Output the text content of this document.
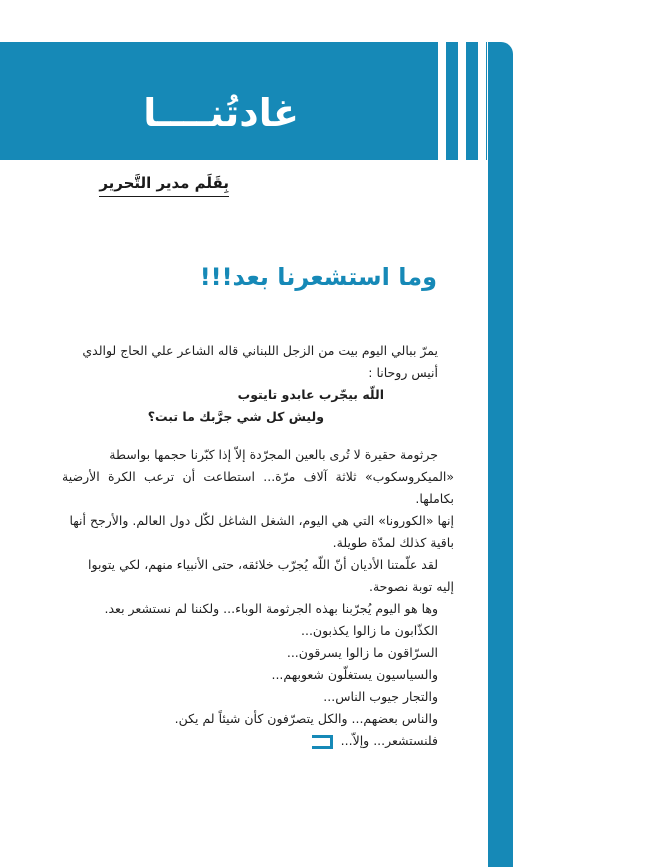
غادتُنــــا

بِقَلَم مدير التَّحرير

وما استشعرنا بعد!!!

يمرّ ببالي اليوم بيت من الزجل اللبناني قاله الشاعر علي الحاج لوالدي أنيس روحانا :

اللّه بيجّرب عابدو تايتوب

وليش كل شي جرَّبك ما تبت؟

جرثومة حقيرة لا تُرى بالعين المجرّدة إلاّ إذا كبّرنا حجمها بواسطة

«الميكروسكوب» ثلاثة آلاف مرّة... استطاعت أن ترعب الكرة الأرضية بكاملها.

إنها «الكورونا» التي هي اليوم، الشغل الشاغل لكّل دول العالم. والأرجح أنها

باقية كذلك لمدّة طويلة.

لقد علّمتنا الأديان أنّ اللّه يُجرّب خلائقه، حتى الأنبياء منهم، لكي يتوبوا

إليه توبة نصوحة.

وها هو اليوم يُجرّبنا بهذه الجرثومة الوباء... ولكننا لم نستشعر بعد.

الكذّابون ما زالوا يكذبون...

السرّاقون ما زالوا يسرقون...

والسياسيون يستغلّون شعوبهم...

والتجار جيوب الناس...

والناس بعضهم... والكل يتصرّفون كأن شيئاً لم يكن.

فلنستشعر... وإلاّ...
